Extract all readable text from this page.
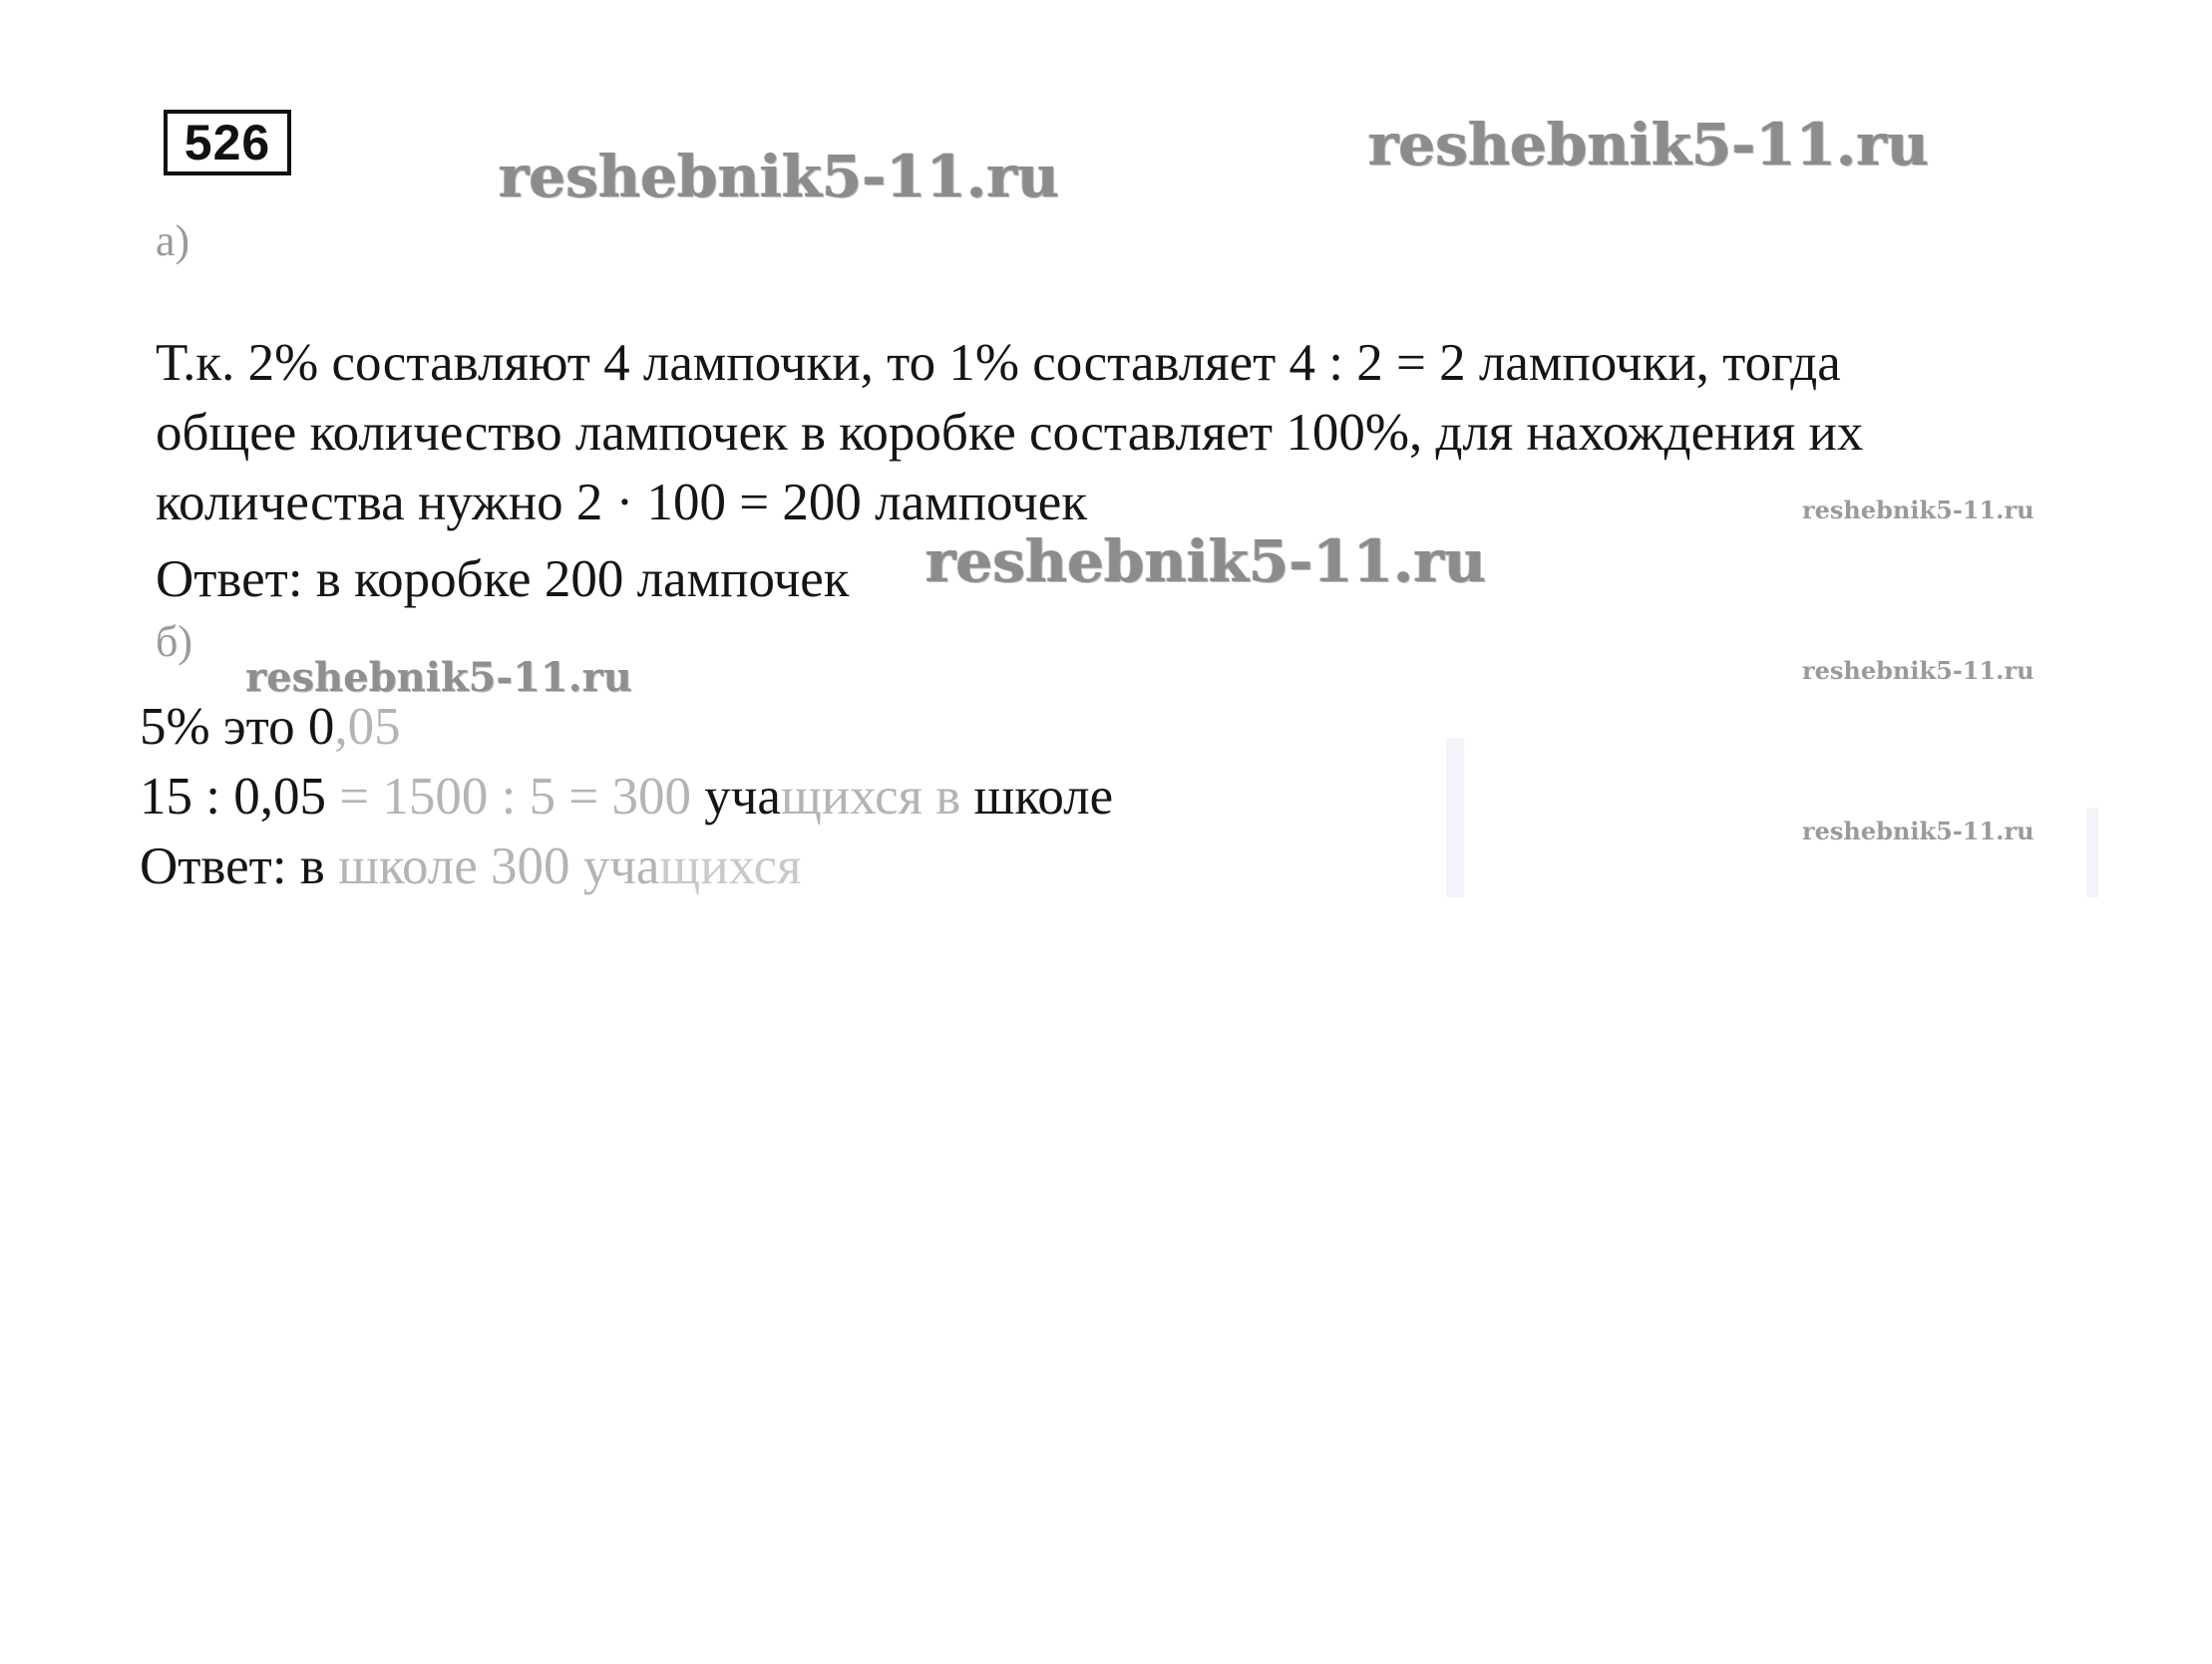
526	reshebnik5-11.ru	reshebnik5-11.ru
reshebnik5-11.ru
reshebnik5-11.ru
reshebnik5-11.ru
reshebnik5-11.ru
reshebnik5-11.ru
а)
Т.к. 2% составляют 4 лампочки, то 1% составляет 4 : 2 = 2 лампочки, тогда
общее количество лампочек в коробке составляет 100%, для нахождения их
количества нужно 2 · 100 = 200 лампочек
Ответ: в коробке 200 лампочек
б)
5% это 0,05
15 : 0,05 = 1500 : 5 = 300 учащихся в школе
Ответ: в школе 300 учащихся
